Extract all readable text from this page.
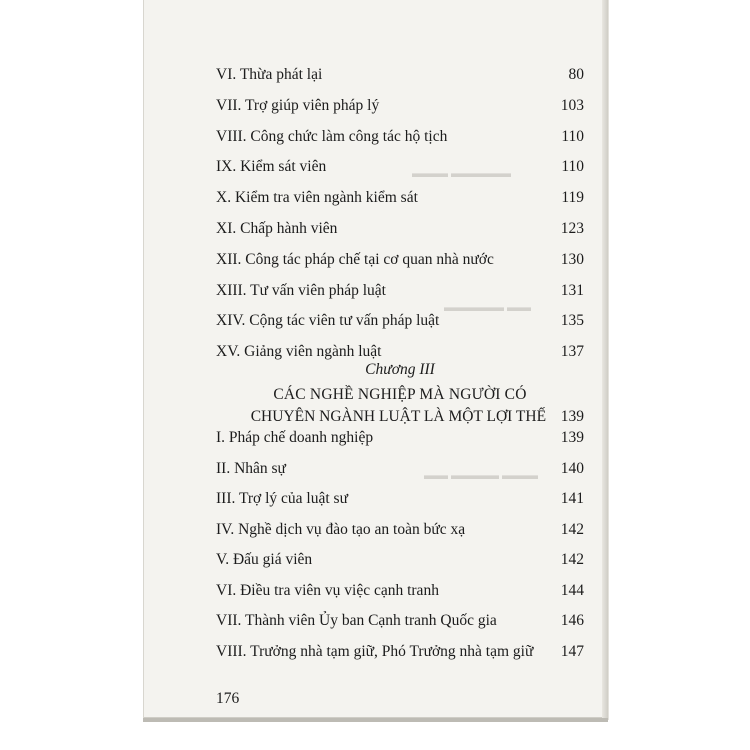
▬▬▬ ▬▬▬▬▬
▬▬▬▬▬ ▬▬
▬▬ ▬▬▬▬ ▬▬▬
VI. Thừa phát lại	80
VII. Trợ giúp viên pháp lý	103
VIII. Công chức làm công tác hộ tịch	110
IX. Kiểm sát viên	110
X. Kiểm tra viên ngành kiểm sát	119
XI. Chấp hành viên	123
XII. Công tác pháp chế tại cơ quan nhà nước	130
XIII. Tư vấn viên pháp luật	131
XIV. Cộng tác viên tư vấn pháp luật	135
XV. Giảng viên ngành luật	137
Chương III
CÁC NGHỀ NGHIỆP MÀ NGƯỜI CÓ
CHUYÊN NGÀNH LUẬT LÀ MỘT LỢI THẾ 139
I. Pháp chế doanh nghiệp	139
II. Nhân sự	140
III. Trợ lý của luật sư	141
IV. Nghề dịch vụ đào tạo an toàn bức xạ	142
V. Đấu giá viên	142
VI. Điều tra viên vụ việc cạnh tranh	144
VII. Thành viên Ủy ban Cạnh tranh Quốc gia	146
VIII. Trưởng nhà tạm giữ, Phó Trưởng nhà tạm giữ 147
176
